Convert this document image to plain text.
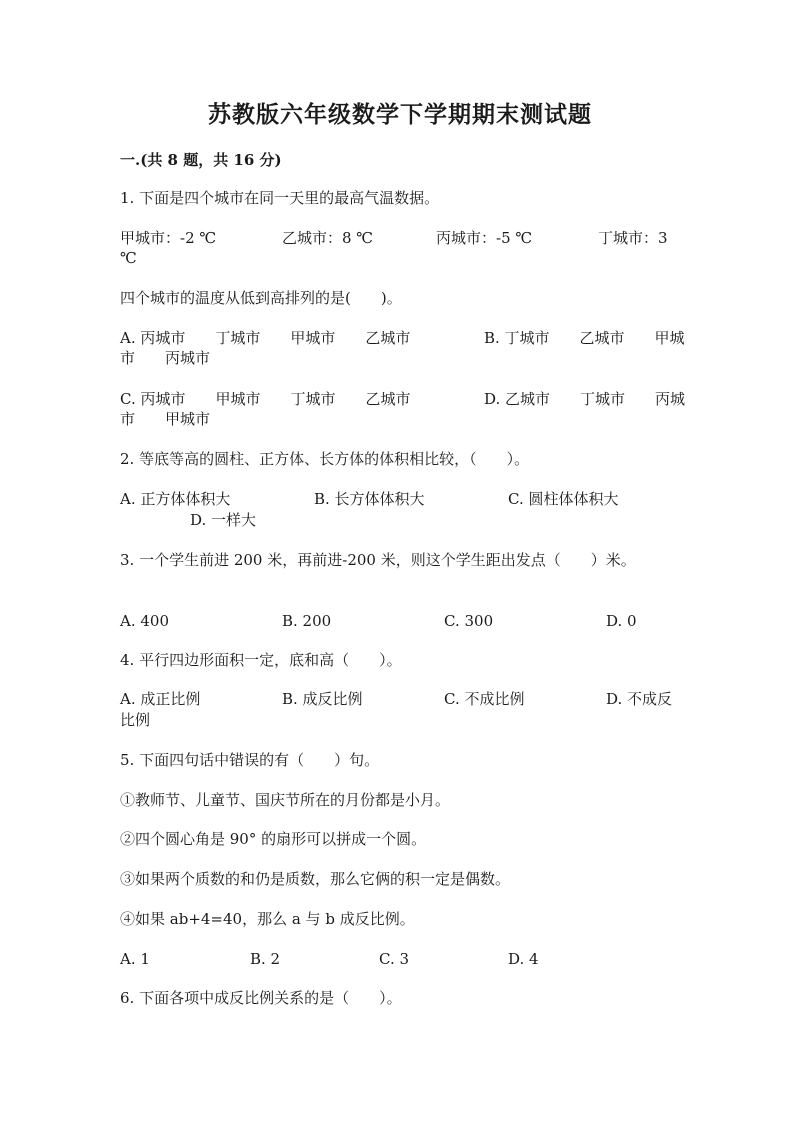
苏教版六年级数学下学期期末测试题
一.(共 8 题，共 16 分)
1. 下面是四个城市在同一天里的最高气温数据。
甲城市：-2 ℃	乙城市：8 ℃	丙城市：-5 ℃	丁城市：3
℃
四个城市的温度从低到高排列的是(　　)。
A. 丙城市　　丁城市　　甲城市　　乙城市	B. 丁城市　　乙城市　　甲城
市　　丙城市
C. 丙城市　　甲城市　　丁城市　　乙城市	D. 乙城市　　丁城市　　丙城
市　　甲城市
2. 等底等高的圆柱、正方体、长方体的体积相比较，（　　）。
A. 正方体体积大	B. 长方体体积大	C. 圆柱体体积大
D. 一样大
3. 一个学生前进 200 米，再前进-200 米，则这个学生距出发点（　　）米。
A. 400	B. 200	C. 300	D. 0
4. 平行四边形面积一定，底和高（　　）。
A. 成正比例	B. 成反比例	C. 不成比例	D. 不成反
比例
5. 下面四句话中错误的有（　　）句。
①教师节、儿童节、国庆节所在的月份都是小月。
②四个圆心角是 90° 的扇形可以拼成一个圆。
③如果两个质数的和仍是质数，那么它俩的积一定是偶数。
④如果 ab+4=40，那么 a 与 b 成反比例。
A. 1	B. 2	C. 3	D. 4
6. 下面各项中成反比例关系的是（　　）。
